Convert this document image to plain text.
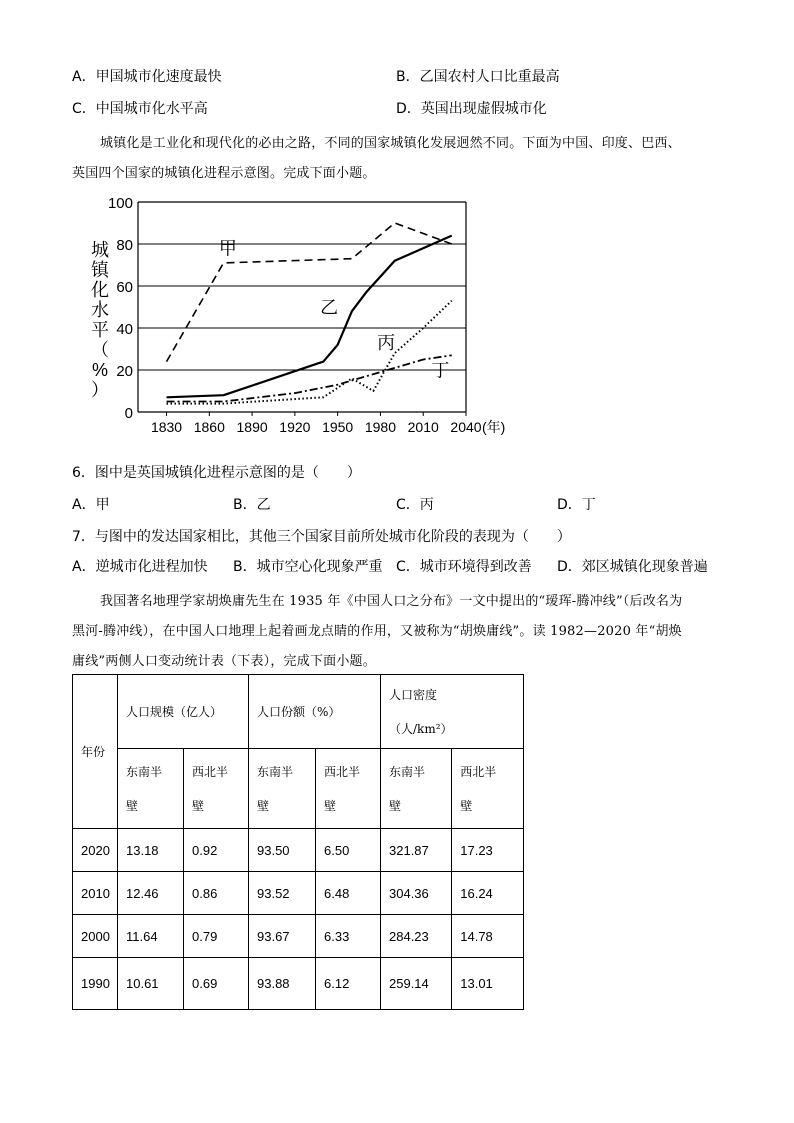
A．甲国城市化速度最快	B．乙国农村人口比重最高
C．中国城市化水平高	D．英国出现虚假城市化
城镇化是工业化和现代化的必由之路，不同的国家城镇化发展迥然不同。下面为中国、印度、巴西、
英国四个国家的城镇化进程示意图。完成下面小题。
0
20
40
60
80
100
1830 1860 1890 1920 1950 1980 2010 2040 (年)
城
镇
化
水
平
（
%
）
甲
乙
丙
丁
6．图中是英国城镇化进程示意图的是（　　）
A．甲	B．乙	C．丙	D．丁
7．与图中的发达国家相比，其他三个国家目前所处城市化阶段的表现为（　　）
A．逆城市化进程加快 B．城市空心化现象严重 C．城市环境得到改善 D．郊区城镇化现象普遍
我国著名地理学家胡焕庸先生在 1935 年《中国人口之分布》一文中提出的“瑷珲-腾冲线”（后改名为
黑河-腾冲线），在中国人口地理上起着画龙点睛的作用，又被称为“胡焕庸线”。读 1982—2020 年“胡焕
庸线”两侧人口变动统计表（下表），完成下面小题。
年份	人口规模（亿人）		人口份额（%）		人口密度（人/km²）	
	东南半壁	西北半壁	东南半壁	西北半壁	东南半壁	西北半壁
2020	13.18	0.92	93.50	6.50	321.87	17.23
2010	12.46	0.86	93.52	6.48	304.36	16.24
2000	11.64	0.79	93.67	6.33	284.23	14.78
1990	10.61	0.69	93.88	6.12	259.14	13.01
